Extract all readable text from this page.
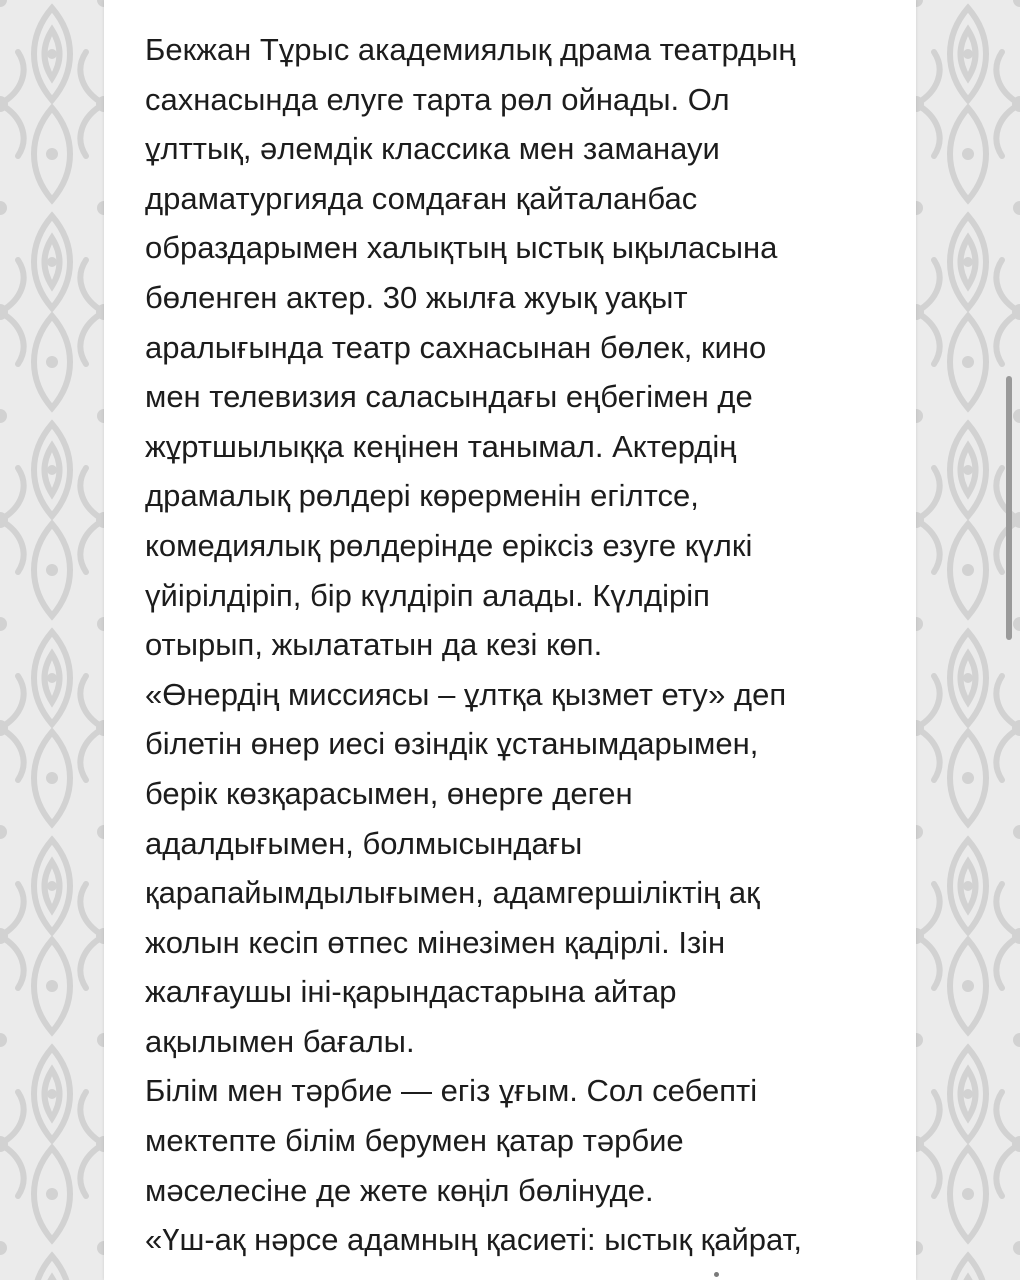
Бекжан Тұрыс академиялық драма театрдың
сахнасында елуге тарта рөл ойнады. Ол
ұлттық, әлемдік классика мен заманауи
драматургияда сомдаған қайталанбас
образдарымен халықтың ыстық ықыласына
бөленген актер. 30 жылға жуық уақыт
аралығында театр сахнасынан бөлек, кино
мен телевизия саласындағы еңбегімен де
жұртшылыққа кеңінен танымал. Актердің
драмалық рөлдері көрерменін егілтсе,
комедиялық рөлдерінде еріксіз езуге күлкі
үйірілдіріп, бір күлдіріп алады. Күлдіріп
отырып, жылататын да кезі көп.
«Өнердің миссиясы – ұлтқа қызмет ету» деп
білетін өнер иесі өзіндік ұстанымдарымен,
берік көзқарасымен, өнерге деген
адалдығымен, болмысындағы
қарапайымдылығымен, адамгершіліктің ақ
жолын кесіп өтпес мінезімен қадірлі. Ізін
жалғаушы іні-қарындастарына айтар
ақылымен бағалы.
Білім мен тәрбие — егіз ұғым. Сол себепті
мектепте білім берумен қатар тәрбие
мәселесіне де жете көңіл бөлінуде.
«Үш-ақ нәрсе адамның қасиеті: ыстық қайрат,
